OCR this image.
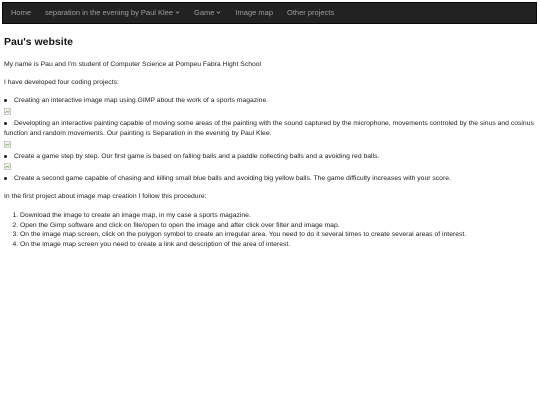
Home separation in the evening by Paul Klee	Game	Image map Other projects
Pau's website

My name is Pau and I'm student of Computer Science at Pompeu Fabra Hight School

I have developed four coding projects:

Creating an interactive image map using GIMP about the work of a sports magazine.
Developting an interactive painting capable of moving some areas of the painting with the sound captured by the microphone, movements controled by the sinus and cosinus function and random movements. Our painting is Separation in the evening by Paul Klee.
Create a game step by step. Our first game is based on falling balls and a paddle collecting balls and a avoiding red balls.
Create a second game capable of chasing and killing small blue balls and avoiding big yellow balls. The game difficulty increases with your score.

In the first project about image map creation I follow this procedure:

1. Download the image to create an image map, in my case a sports magazine.
2. Open the Gimp software and click on file/open to open the image and after click over filter and image map.
3. On the image map screen, click on the polygon symbol to create an irregular area. You need to do it several times to create several areas of interest.
4. On the image map screen you need to create a link and description of the area of interest.
